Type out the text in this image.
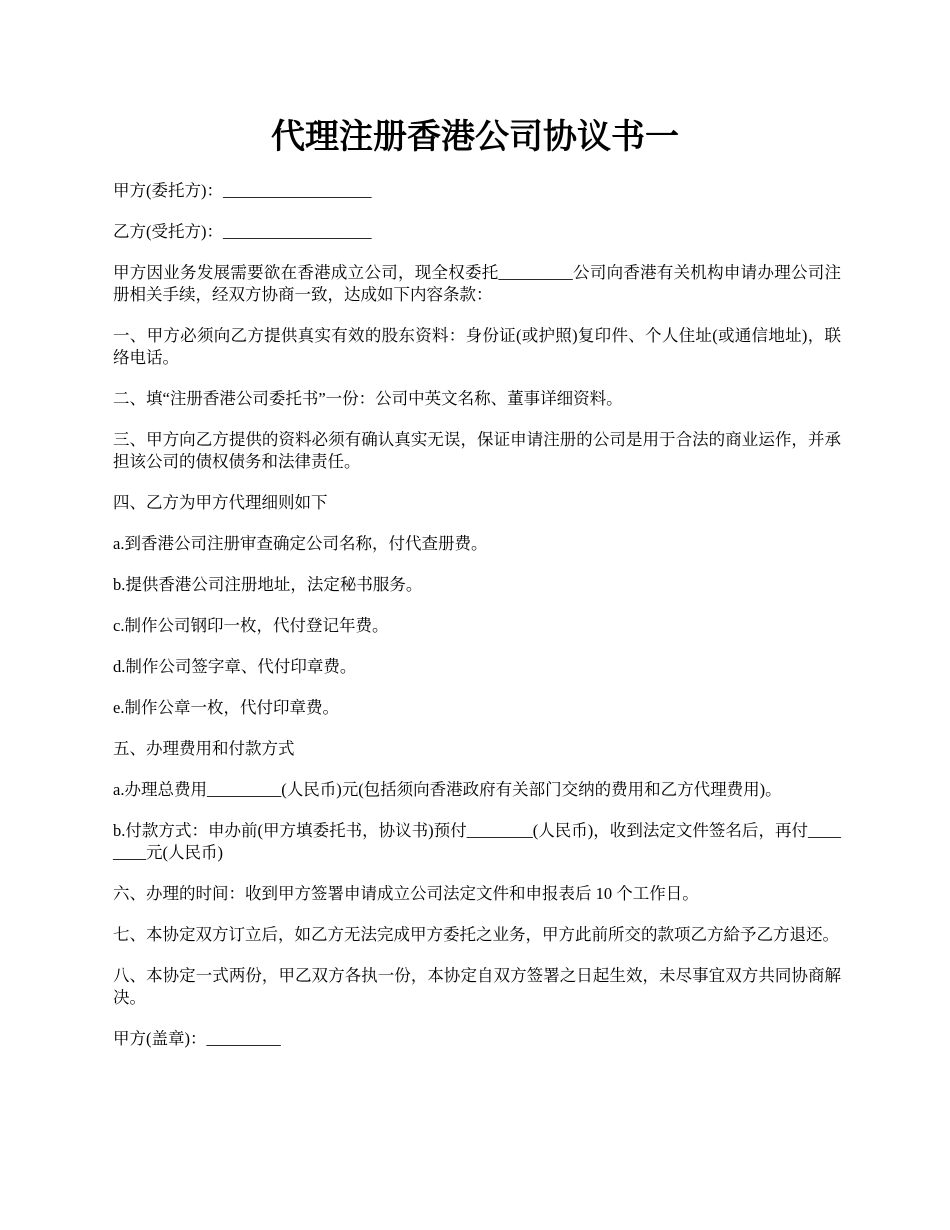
代理注册香港公司协议书一

甲方(委托方)：__________________

乙方(受托方)：__________________

甲方因业务发展需要欲在香港成立公司，现全权委托_________公司向香港有关机构申请办理公司注册相关手续，经双方协商一致，达成如下内容条款：

一、甲方必须向乙方提供真实有效的股东资料：身份证(或护照)复印件、个人住址(或通信地址)，联络电话。

二、填“注册香港公司委托书”一份：公司中英文名称、董事详细资料。

三、甲方向乙方提供的资料必须有确认真实无误，保证申请注册的公司是用于合法的商业运作，并承担该公司的债权债务和法律责任。

四、乙方为甲方代理细则如下

a.到香港公司注册审查确定公司名称，付代查册费。

b.提供香港公司注册地址，法定秘书服务。

c.制作公司钢印一枚，代付登记年费。

d.制作公司签字章、代付印章费。

e.制作公章一枚，代付印章费。

五、办理费用和付款方式

a.办理总费用_________(人民币)元(包括须向香港政府有关部门交纳的费用和乙方代理费用)。

b.付款方式：申办前(甲方填委托书，协议书)预付________(人民币)，收到法定文件签名后，再付________元(人民币)

六、办理的时间：收到甲方签署申请成立公司法定文件和申报表后 10 个工作日。

七、本协定双方订立后，如乙方无法完成甲方委托之业务，甲方此前所交的款项乙方給予乙方退还。

八、本协定一式两份，甲乙双方各执一份，本协定自双方签署之日起生效，未尽事宜双方共同协商解决。

甲方(盖章)：_________
